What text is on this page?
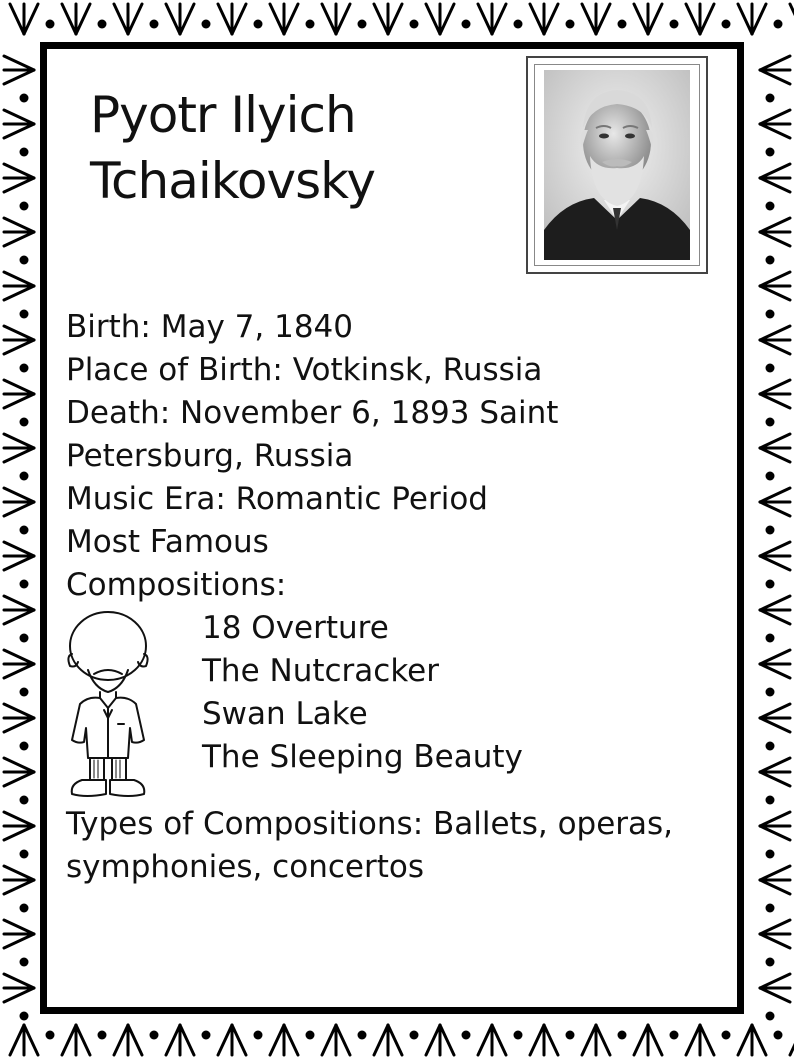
Pyotr Ilyich
Tchaikovsky
Birth: May 7, 1840
Place of Birth: Votkinsk, Russia
Death: November 6, 1893 Saint
Petersburg, Russia
Music Era: Romantic Period
Most Famous
Compositions:
18 Overture
The Nutcracker
Swan Lake
The Sleeping Beauty
Types of Compositions: Ballets, operas,
symphonies, concertos
